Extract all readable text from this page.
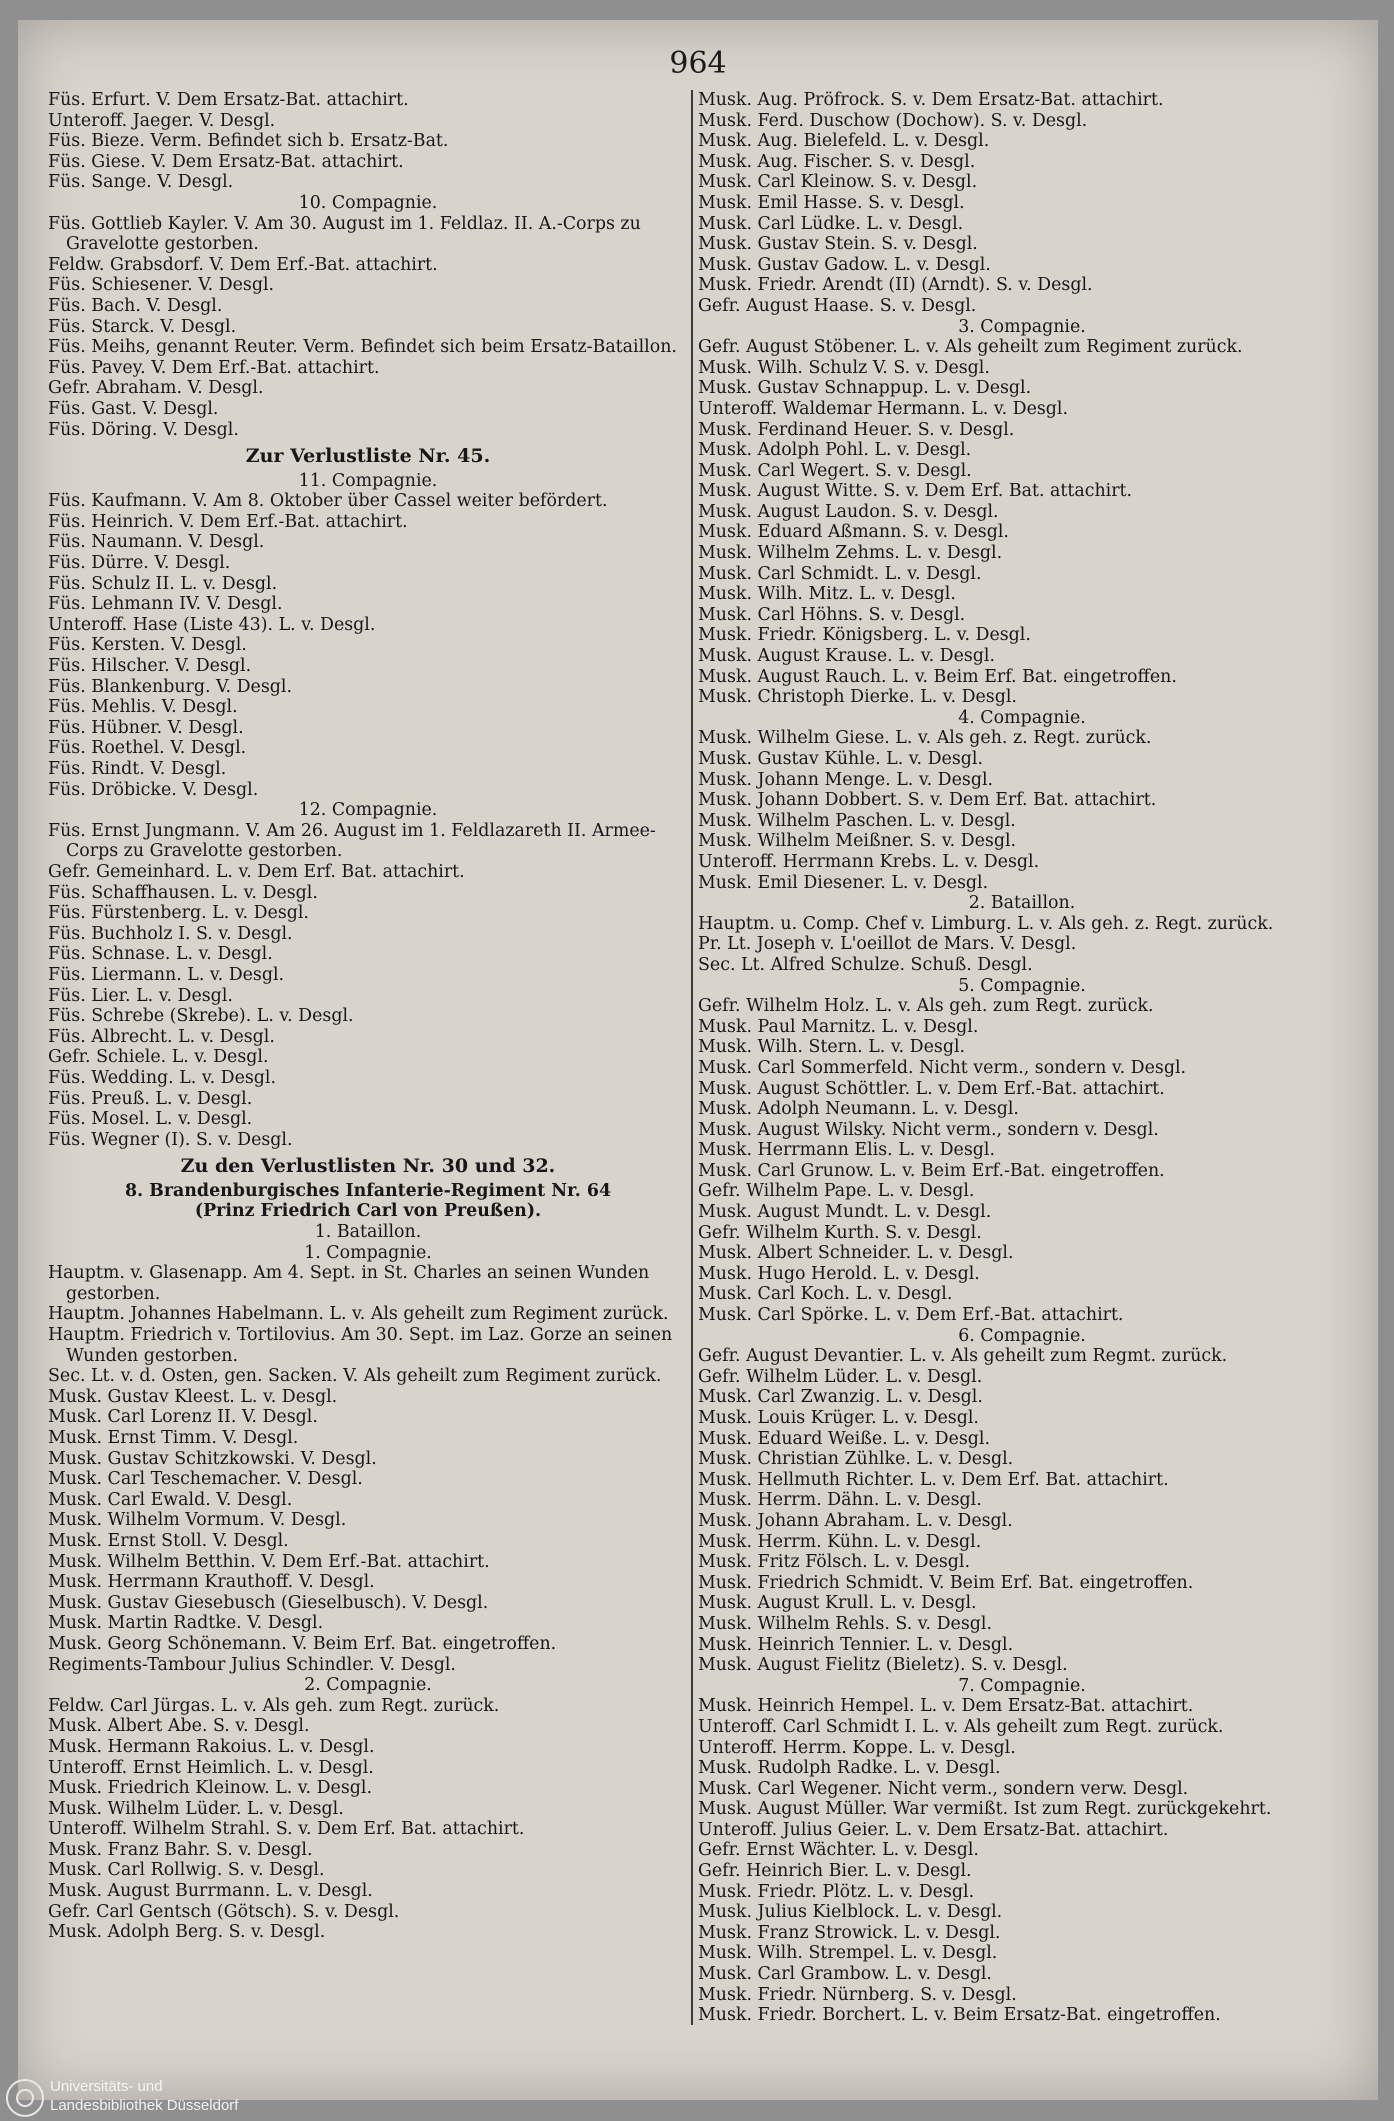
964
Füs. Erfurt. V. Dem Ersatz-Bat. attachirt.
Unteroff. Jaeger. V. Desgl.
Füs. Bieze. Verm. Befindet sich b. Ersatz-Bat.
Füs. Giese. V. Dem Ersatz-Bat. attachirt.
Füs. Sange. V. Desgl.
10. Compagnie.
Füs. Gottlieb Kayler. V. Am 30. August im 1. Feldlaz. II. A.-Corps zu Gravelotte gestorben.
Feldw. Grabsdorf. V. Dem Erf.-Bat. attachirt.
Füs. Schiesener. V. Desgl.
Füs. Bach. V. Desgl.
Füs. Starck. V. Desgl.
Füs. Meihs, genannt Reuter. Verm. Befindet sich beim Ersatz-Bataillon.
Füs. Pavey. V. Dem Erf.-Bat. attachirt.
Gefr. Abraham. V. Desgl.
Füs. Gast. V. Desgl.
Füs. Döring. V. Desgl.
Zur Verlustliste Nr. 45.
11. Compagnie.
Füs. Kaufmann. V. Am 8. Oktober über Cassel weiter befördert.
Füs. Heinrich. V. Dem Erf.-Bat. attachirt.
Füs. Naumann. V. Desgl.
Füs. Dürre. V. Desgl.
Füs. Schulz II. L. v. Desgl.
Füs. Lehmann IV. V. Desgl.
Unteroff. Hase (Liste 43). L. v. Desgl.
Füs. Kersten. V. Desgl.
Füs. Hilscher. V. Desgl.
Füs. Blankenburg. V. Desgl.
Füs. Mehlis. V. Desgl.
Füs. Hübner. V. Desgl.
Füs. Roethel. V. Desgl.
Füs. Rindt. V. Desgl.
Füs. Dröbicke. V. Desgl.
12. Compagnie.
Füs. Ernst Jungmann. V. Am 26. August im 1. Feldlazareth II. Armee-Corps zu Gravelotte gestorben.
Gefr. Gemeinhard. L. v. Dem Erf. Bat. attachirt.
Füs. Schaffhausen. L. v. Desgl.
Füs. Fürstenberg. L. v. Desgl.
Füs. Buchholz I. S. v. Desgl.
Füs. Schnase. L. v. Desgl.
Füs. Liermann. L. v. Desgl.
Füs. Lier. L. v. Desgl.
Füs. Schrebe (Skrebe). L. v. Desgl.
Füs. Albrecht. L. v. Desgl.
Gefr. Schiele. L. v. Desgl.
Füs. Wedding. L. v. Desgl.
Füs. Preuß. L. v. Desgl.
Füs. Mosel. L. v. Desgl.
Füs. Wegner (I). S. v. Desgl.
Zu den Verlustlisten Nr. 30 und 32.
8. Brandenburgisches Infanterie-Regiment Nr. 64
(Prinz Friedrich Carl von Preußen).
1. Bataillon.
1. Compagnie.
Hauptm. v. Glasenapp. Am 4. Sept. in St. Charles an seinen Wunden gestorben.
Hauptm. Johannes Habelmann. L. v. Als geheilt zum Regiment zurück.
Hauptm. Friedrich v. Tortilovius. Am 30. Sept. im Laz. Gorze an seinen Wunden gestorben.
Sec. Lt. v. d. Osten, gen. Sacken. V. Als geheilt zum Regiment zurück.
Musk. Gustav Kleest. L. v. Desgl.
Musk. Carl Lorenz II. V. Desgl.
Musk. Ernst Timm. V. Desgl.
Musk. Gustav Schitzkowski. V. Desgl.
Musk. Carl Teschemacher. V. Desgl.
Musk. Carl Ewald. V. Desgl.
Musk. Wilhelm Vormum. V. Desgl.
Musk. Ernst Stoll. V. Desgl.
Musk. Wilhelm Betthin. V. Dem Erf.-Bat. attachirt.
Musk. Herrmann Krauthoff. V. Desgl.
Musk. Gustav Giesebusch (Gieselbusch). V. Desgl.
Musk. Martin Radtke. V. Desgl.
Musk. Georg Schönemann. V. Beim Erf. Bat. eingetroffen.
Regiments-Tambour Julius Schindler. V. Desgl.
2. Compagnie.
Feldw. Carl Jürgas. L. v. Als geh. zum Regt. zurück.
Musk. Albert Abe. S. v. Desgl.
Musk. Hermann Rakoius. L. v. Desgl.
Unteroff. Ernst Heimlich. L. v. Desgl.
Musk. Friedrich Kleinow. L. v. Desgl.
Musk. Wilhelm Lüder. L. v. Desgl.
Unteroff. Wilhelm Strahl. S. v. Dem Erf. Bat. attachirt.
Musk. Franz Bahr. S. v. Desgl.
Musk. Carl Rollwig. S. v. Desgl.
Musk. August Burrmann. L. v. Desgl.
Gefr. Carl Gentsch (Götsch). S. v. Desgl.
Musk. Adolph Berg. S. v. Desgl.
Musk. Aug. Pröfrock. S. v. Dem Ersatz-Bat. attachirt.
Musk. Ferd. Duschow (Dochow). S. v. Desgl.
Musk. Aug. Bielefeld. L. v. Desgl.
Musk. Aug. Fischer. S. v. Desgl.
Musk. Carl Kleinow. S. v. Desgl.
Musk. Emil Hasse. S. v. Desgl.
Musk. Carl Lüdke. L. v. Desgl.
Musk. Gustav Stein. S. v. Desgl.
Musk. Gustav Gadow. L. v. Desgl.
Musk. Friedr. Arendt (II) (Arndt). S. v. Desgl.
Gefr. August Haase. S. v. Desgl.
3. Compagnie.
Gefr. August Stöbener. L. v. Als geheilt zum Regiment zurück.
Musk. Wilh. Schulz V. S. v. Desgl.
Musk. Gustav Schnappup. L. v. Desgl.
Unteroff. Waldemar Hermann. L. v. Desgl.
Musk. Ferdinand Heuer. S. v. Desgl.
Musk. Adolph Pohl. L. v. Desgl.
Musk. Carl Wegert. S. v. Desgl.
Musk. August Witte. S. v. Dem Erf. Bat. attachirt.
Musk. August Laudon. S. v. Desgl.
Musk. Eduard Aßmann. S. v. Desgl.
Musk. Wilhelm Zehms. L. v. Desgl.
Musk. Carl Schmidt. L. v. Desgl.
Musk. Wilh. Mitz. L. v. Desgl.
Musk. Carl Höhns. S. v. Desgl.
Musk. Friedr. Königsberg. L. v. Desgl.
Musk. August Krause. L. v. Desgl.
Musk. August Rauch. L. v. Beim Erf. Bat. eingetroffen.
Musk. Christoph Dierke. L. v. Desgl.
4. Compagnie.
Musk. Wilhelm Giese. L. v. Als geh. z. Regt. zurück.
Musk. Gustav Kühle. L. v. Desgl.
Musk. Johann Menge. L. v. Desgl.
Musk. Johann Dobbert. S. v. Dem Erf. Bat. attachirt.
Musk. Wilhelm Paschen. L. v. Desgl.
Musk. Wilhelm Meißner. S. v. Desgl.
Unteroff. Herrmann Krebs. L. v. Desgl.
Musk. Emil Diesener. L. v. Desgl.
2. Bataillon.
Hauptm. u. Comp. Chef v. Limburg. L. v. Als geh. z. Regt. zurück.
Pr. Lt. Joseph v. L'oeillot de Mars. V. Desgl.
Sec. Lt. Alfred Schulze. Schuß. Desgl.
5. Compagnie.
Gefr. Wilhelm Holz. L. v. Als geh. zum Regt. zurück.
Musk. Paul Marnitz. L. v. Desgl.
Musk. Wilh. Stern. L. v. Desgl.
Musk. Carl Sommerfeld. Nicht verm., sondern v. Desgl.
Musk. August Schöttler. L. v. Dem Erf.-Bat. attachirt.
Musk. Adolph Neumann. L. v. Desgl.
Musk. August Wilsky. Nicht verm., sondern v. Desgl.
Musk. Herrmann Elis. L. v. Desgl.
Musk. Carl Grunow. L. v. Beim Erf.-Bat. eingetroffen.
Gefr. Wilhelm Pape. L. v. Desgl.
Musk. August Mundt. L. v. Desgl.
Gefr. Wilhelm Kurth. S. v. Desgl.
Musk. Albert Schneider. L. v. Desgl.
Musk. Hugo Herold. L. v. Desgl.
Musk. Carl Koch. L. v. Desgl.
Musk. Carl Spörke. L. v. Dem Erf.-Bat. attachirt.
6. Compagnie.
Gefr. August Devantier. L. v. Als geheilt zum Regmt. zurück.
Gefr. Wilhelm Lüder. L. v. Desgl.
Musk. Carl Zwanzig. L. v. Desgl.
Musk. Louis Krüger. L. v. Desgl.
Musk. Eduard Weiße. L. v. Desgl.
Musk. Christian Zühlke. L. v. Desgl.
Musk. Hellmuth Richter. L. v. Dem Erf. Bat. attachirt.
Musk. Herrm. Dähn. L. v. Desgl.
Musk. Johann Abraham. L. v. Desgl.
Musk. Herrm. Kühn. L. v. Desgl.
Musk. Fritz Fölsch. L. v. Desgl.
Musk. Friedrich Schmidt. V. Beim Erf. Bat. eingetroffen.
Musk. August Krull. L. v. Desgl.
Musk. Wilhelm Rehls. S. v. Desgl.
Musk. Heinrich Tennier. L. v. Desgl.
Musk. August Fielitz (Bieletz). S. v. Desgl.
7. Compagnie.
Musk. Heinrich Hempel. L. v. Dem Ersatz-Bat. attachirt.
Unteroff. Carl Schmidt I. L. v. Als geheilt zum Regt. zurück.
Unteroff. Herrm. Koppe. L. v. Desgl.
Musk. Rudolph Radke. L. v. Desgl.
Musk. Carl Wegener. Nicht verm., sondern verw. Desgl.
Musk. August Müller. War vermißt. Ist zum Regt. zurückgekehrt.
Unteroff. Julius Geier. L. v. Dem Ersatz-Bat. attachirt.
Gefr. Ernst Wächter. L. v. Desgl.
Gefr. Heinrich Bier. L. v. Desgl.
Musk. Friedr. Plötz. L. v. Desgl.
Musk. Julius Kielblock. L. v. Desgl.
Musk. Franz Strowick. L. v. Desgl.
Musk. Wilh. Strempel. L. v. Desgl.
Musk. Carl Grambow. L. v. Desgl.
Musk. Friedr. Nürnberg. S. v. Desgl.
Musk. Friedr. Borchert. L. v. Beim Ersatz-Bat. eingetroffen.
Universitäts- und
Landesbibliothek Düsseldorf
